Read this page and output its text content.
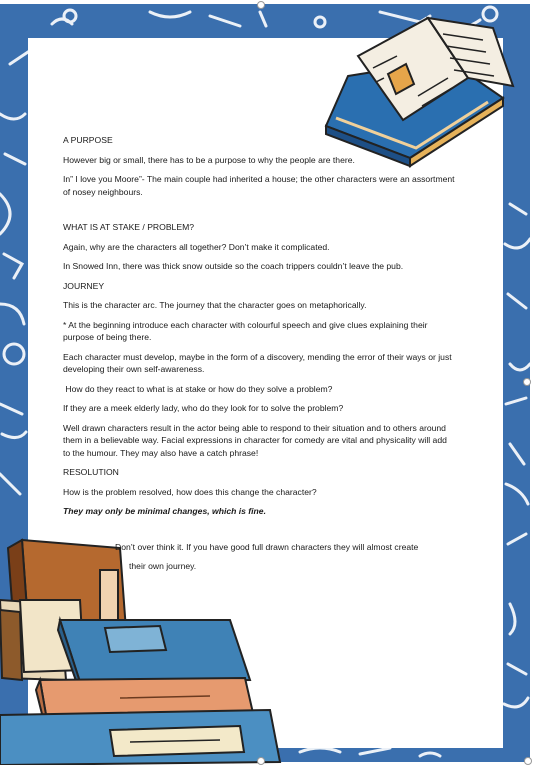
A PURPOSE

However big or small, there has to be a purpose to why the people are there.

In” I love you Moore”- The main couple had inherited a house; the other characters were an assortment of nosey neighbours.

WHAT IS AT STAKE / PROBLEM?

Again, why are the characters all together? Don’t make it complicated.

In Snowed Inn, there was thick snow outside so the coach trippers couldn’t leave the pub.

JOURNEY

This is the character arc. The journey that the character goes on metaphorically.

* At the beginning introduce each character with colourful speech and give clues explaining their purpose of being there.

Each character must develop, maybe in the form of a discovery, mending the error of their ways or just developing their own self-awareness.

How do they react to what is at stake or how do they solve a problem?

If they are a meek elderly lady, who do they look for to solve the problem?

Well drawn characters result in the actor being able to respond to their situation and to others around them in a believable way. Facial expressions in character for comedy are vital and physicality will add to the humour. They may also have a catch phrase!

RESOLUTION

How is the problem resolved, how does this change the character?

They may only be minimal changes, which is fine.

Don’t over think it. If you have good full drawn characters they will almost create

their own journey.
